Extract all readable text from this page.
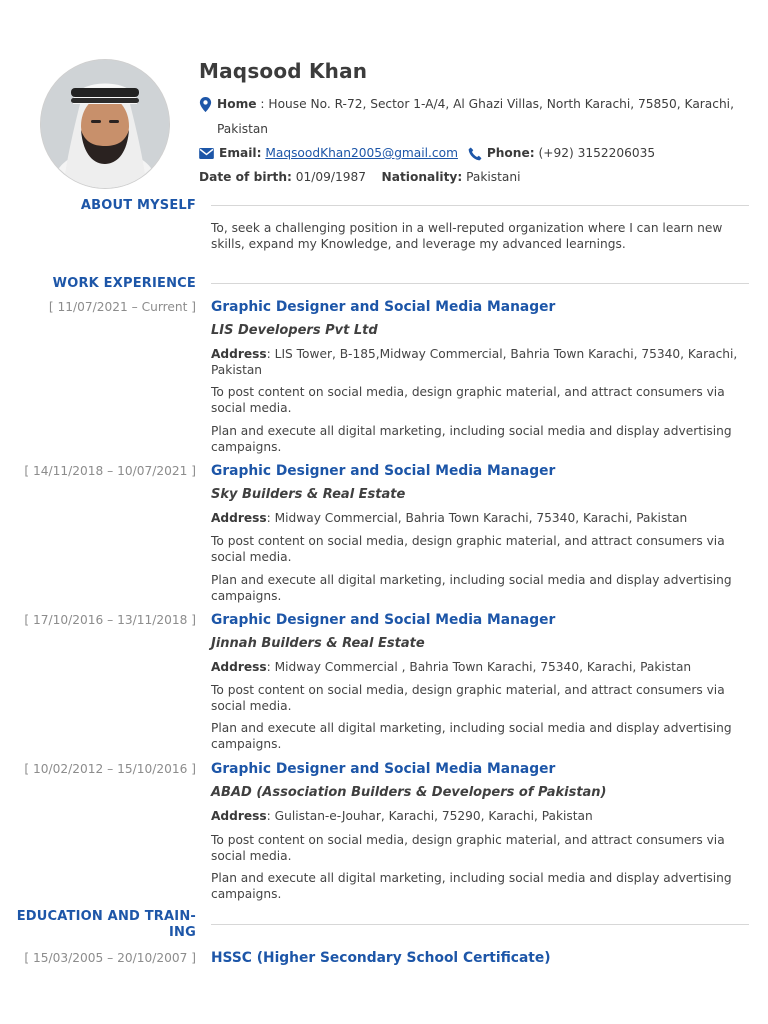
Maqsood Khan
Home : House No. R-72, Sector 1-A/4, Al Ghazi Villas, North Karachi, 75850, Karachi,
Pakistan
Email: MaqsoodKhan2005@gmail.com Phone: (+92) 3152206035
Date of birth: 01/09/1987 Nationality: Pakistani
ABOUT MYSELF
To, seek a challenging position in a well-reputed organization where I can learn new skills, expand my Knowledge, and leverage my advanced learnings.
WORK EXPERIENCE
[ 11/07/2021 – Current ] Graphic Designer and Social Media Manager
LIS Developers Pvt Ltd
Address: LIS Tower, B-185,Midway Commercial, Bahria Town Karachi, 75340, Karachi, Pakistan
To post content on social media, design graphic material, and attract consumers via social media.
Plan and execute all digital marketing, including social media and display advertising campaigns.
[ 14/11/2018 – 10/07/2021 ] Graphic Designer and Social Media Manager
Sky Builders & Real Estate
Address: Midway Commercial, Bahria Town Karachi, 75340, Karachi, Pakistan
To post content on social media, design graphic material, and attract consumers via social media.
Plan and execute all digital marketing, including social media and display advertising campaigns.
[ 17/10/2016 – 13/11/2018 ] Graphic Designer and Social Media Manager
Jinnah Builders & Real Estate
Address: Midway Commercial , Bahria Town Karachi, 75340, Karachi, Pakistan
To post content on social media, design graphic material, and attract consumers via social media.
Plan and execute all digital marketing, including social media and display advertising campaigns.
[ 10/02/2012 – 15/10/2016 ] Graphic Designer and Social Media Manager
ABAD (Association Builders & Developers of Pakistan)
Address: Gulistan-e-Jouhar, Karachi, 75290, Karachi, Pakistan
To post content on social media, design graphic material, and attract consumers via social media.
Plan and execute all digital marketing, including social media and display advertising campaigns.
EDUCATION AND TRAIN-
ING
[ 15/03/2005 – 20/10/2007 ] HSSC (Higher Secondary School Certificate)
